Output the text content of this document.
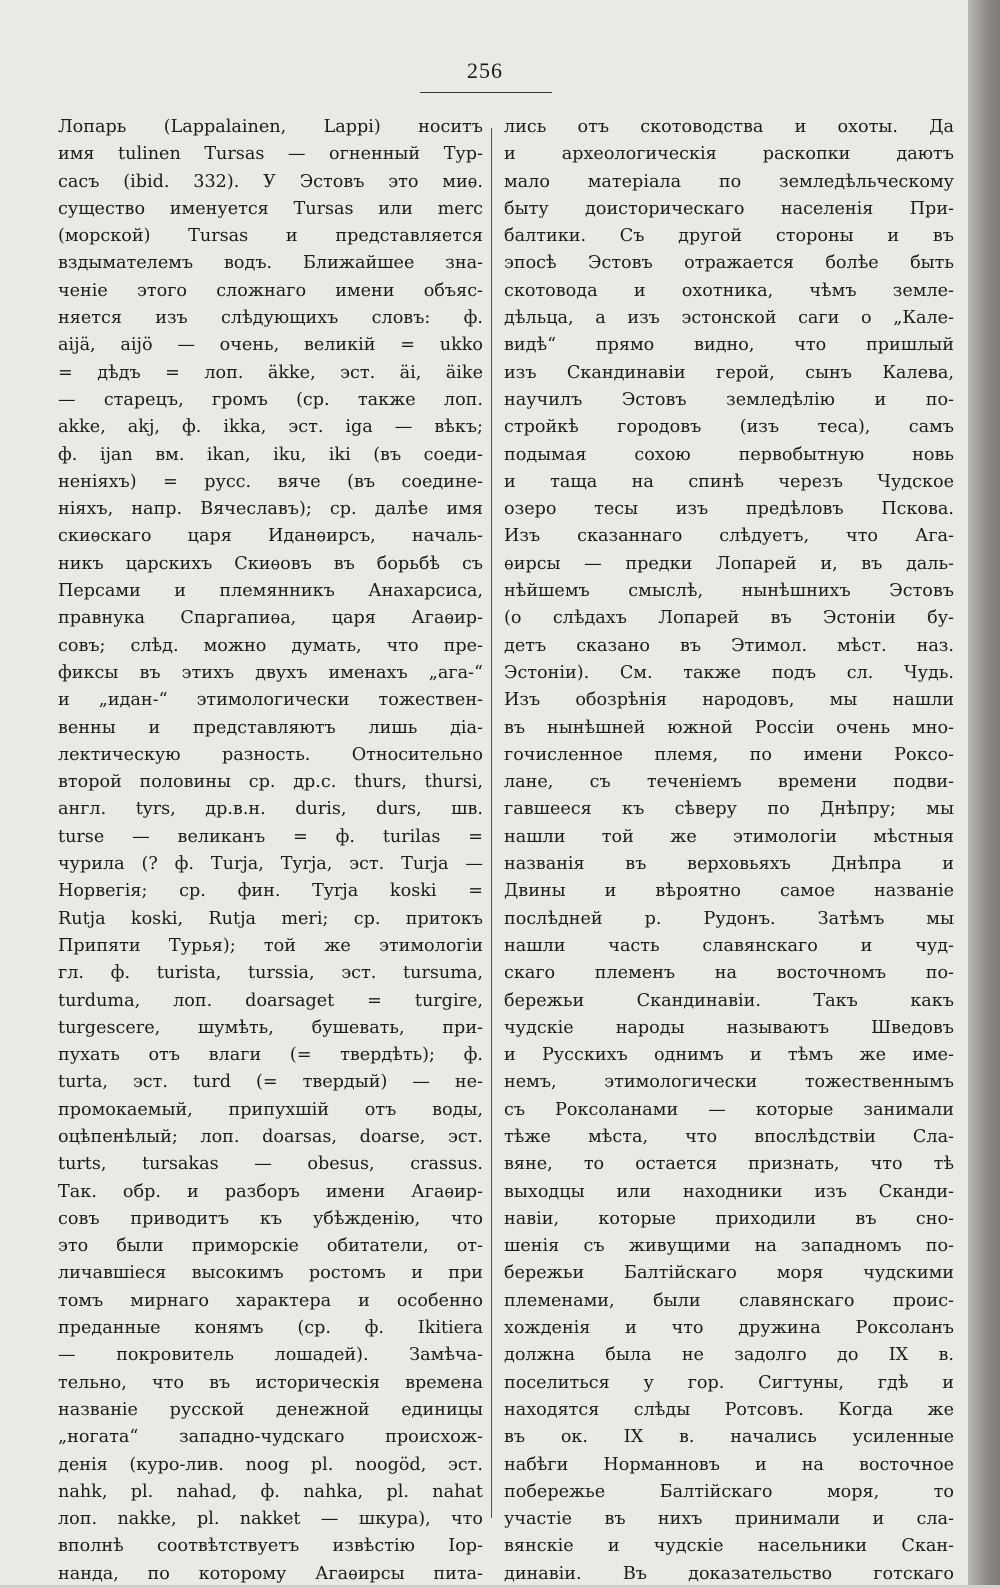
256
Лопарь (Lappalainen, Lappi) носитъ
имя tulinen Tursas — огненный Тур-
сасъ (ibid. 332). У Эстовъ это миѳ.
существо именуется Tursas или merc
(морской) Tursas и представляется
вздымателемъ водъ. Ближайшее зна-
ченіе этого сложнаго имени объяс-
няется изъ слѣдующихъ словъ: ф.
aijä, aijö — очень, великій = ukko
= дѣдъ = лоп. äkke, эст. äi, äike
— старецъ, громъ (ср. также лоп.
akke, akj, ф. ikka, эст. iga — вѣкъ;
ф. ijan вм. ikan, iku, iki (въ соеди-
неніяхъ) = русс. вяче (въ соедине-
ніяхъ, напр. Вячеславъ); ср. далѣе имя
скиѳскаго царя Иданѳирсъ, началь-
никъ царскихъ Скиѳовъ въ борьбѣ съ
Персами и племянникъ Анахарсиса,
правнука Спаргапиѳа, царя Агаѳир-
совъ; слѣд. можно думать, что пре-
фиксы въ этихъ двухъ именахъ „ага-“
и „идан-“ этимологически тожествен-
венны и представляютъ лишь діа-
лектическую разность. Относительно
второй половины ср. др.с. thurs, thursi,
англ. tyrs, др.в.н. duris, durs, шв.
turse — великанъ = ф. turilas =
чурила (? ф. Turja, Tyrja, эст. Turja —
Норвегія; ср. фин. Tyrja koski =
Rutja koski, Rutja meri; ср. притокъ
Припяти Турья); той же этимологіи
гл. ф. turista, turssia, эст. tursuma,
turduma, лоп. doarsaget = turgire,
turgescere, шумѣть, бушевать, при-
пухать отъ влаги (= твердѣть); ф.
turta, эст. turd (= твердый) — не-
промокаемый, припухшій отъ воды,
оцѣпенѣлый; лоп. doarsas, doarse, эст.
turts, tursakas — obesus, crassus.
Так. обр. и разборъ имени Агаѳир-
совъ приводитъ къ убѣжденію, что
это были приморскіе обитатели, от-
личавшіеся высокимъ ростомъ и при
томъ мирнаго характера и особенно
преданные конямъ (ср. ф. Ikitiera
— покровитель лошадей). Замѣча-
тельно, что въ историческія времена
названіе русской денежной единицы
„ногата“ западно-чудскаго происхож-
денія (куро-лив. noog pl. noogöd, эст.
nahk, pl. nahad, ф. nahka, pl. nahat
лоп. nakke, pl. nakket — шкура), что
вполнѣ соотвѣтствуетъ извѣстію Іор-
нанда, по которому Агаѳирсы пита-
лись отъ скотоводства и охоты. Да
и археологическія раскопки даютъ
мало матеріала по земледѣльческому
быту доисторическаго населенія При-
балтики. Съ другой стороны и въ
эпосѣ Эстовъ отражается болѣе быть
скотовода и охотника, чѣмъ земле-
дѣльца, а изъ эстонской саги о „Кале-
видѣ“ прямо видно, что пришлый
изъ Скандинавіи герой, сынъ Калева,
научилъ Эстовъ земледѣлію и по-
стройкѣ городовъ (изъ теса), самъ
подымая сохою первобытную новь
и таща на спинѣ черезъ Чудское
озеро тесы изъ предѣловъ Пскова.
Изъ сказаннаго слѣдуетъ, что Ага-
ѳирсы — предки Лопарей и, въ даль-
нѣйшемъ смыслѣ, нынѣшнихъ Эстовъ
(о слѣдахъ Лопарей въ Эстоніи бу-
детъ сказано въ Этимол. мѣст. наз.
Эстоніи). См. также подъ сл. Чудь.
Изъ обозрѣнія народовъ, мы нашли
въ нынѣшней южной Россіи очень мно-
гочисленное племя, по имени Роксо-
лане, съ теченіемъ времени подви-
гавшееся къ сѣверу по Днѣпру; мы
нашли той же этимологіи мѣстныя
названія въ верховьяхъ Днѣпра и
Двины и вѣроятно самое названіе
послѣдней р. Рудонъ. Затѣмъ мы
нашли часть славянскаго и чуд-
скаго племенъ на восточномъ по-
бережьи Скандинавіи. Такъ какъ
чудскіе народы называютъ Шведовъ
и Русскихъ однимъ и тѣмъ же име-
немъ, этимологически тожественнымъ
съ Роксоланами — которые занимали
тѣже мѣста, что впослѣдствіи Сла-
вяне, то остается признать, что тѣ
выходцы или находники изъ Сканди-
навіи, которые приходили въ сно-
шенія съ живущими на западномъ по-
бережьи Балтійскаго моря чудскими
племенами, были славянскаго проис-
хожденія и что дружина Роксоланъ
должна была не задолго до IX в.
поселиться у гор. Сигтуны, гдѣ и
находятся слѣды Ротсовъ. Когда же
въ ок. IX в. начались усиленные
набѣги Норманновъ и на восточное
побережье Балтійскаго моря, то
участіе въ нихъ принимали и сла-
вянскіе и чудскіе насельники Скан-
динавіи. Въ доказательство готскаго
